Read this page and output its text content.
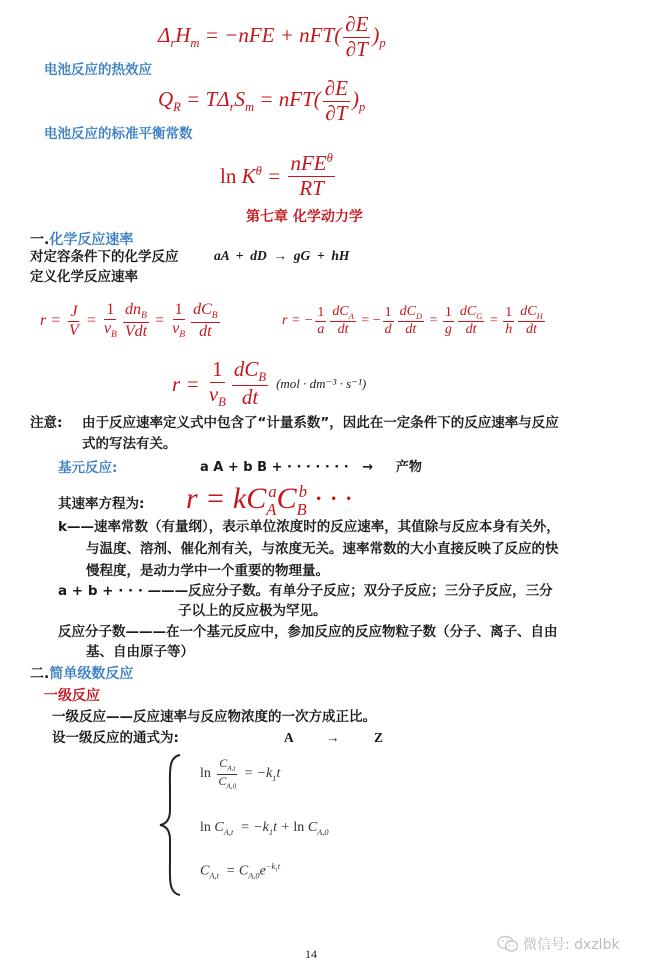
$\Delta_rH_m = -nFE + nFT( \frac{\partial E}{\partial T} )_p$
电池反应的热效应
$Q_R = T\Delta_rS_m = nFT( \frac{\partial E}{\partial T} )_p$
电池反应的标准平衡常数
$\ln K^\theta = \frac{nFE^\theta}{RT}$
第七章 化学动力学
一. 化学反应速率
对定容条件下的化学反应	aA  +  dD  →  gG  +  hH
定义化学反应速率
$r = \frac{J}{V} = \frac{1}{\nu_B} \frac{dn_B}{\text{Vdt}} = \frac{1}{\nu_B} \frac{dC_B}{dt}$	r = − $\frac{1}{a} \frac{dC_A}{dt}$ = − $\frac{1}{d} \frac{dC_D}{dt} = \frac{1}{g} \frac{dC_G}{dt} = \frac{1}{h} \frac{dC_H}{dt}$
$r = \frac{1}{\nu_B} \frac{dC_B}{dt} (mol \cdot dm^{-3} \cdot s^{-1})$
注意: 由于反应速率定义式中包含了“计量系数”，因此在一定条件下的反应速率与反应
式的写法有关。
基元反应:	a A + b B + · · · · · · ·   →     产物
其速率方程为: $r = kC_A^aC_B^b$ · · ·
k——速率常数（有量纲），表示单位浓度时的反应速率，其值除与反应本身有关外，
与温度、溶剂、催化剂有关，与浓度无关。速率常数的大小直接反映了反应的快
慢程度，是动力学中一个重要的物理量。
a + b + · · · ———反应分子数。有单分子反应；双分子反应；三分子反应，三分
子以上的反应极为罕见。
反应分子数———在一个基元反应中，参加反应的反应物粒子数（分子、离子、自由
基、自由原子等）
二. 简单级数反应
一级反应
一级反应——反应速率与反应物浓度的一次方成正比。
设一级反应的通式为:	A →	Z
$\ln \frac{C_{A,t}}{C_{A,0}} = -k_1t$
$\ln C_{A,t} = -k_1t + \ln C_{A,0}$
$C_{A,t} = C_{A,0}e^{-k_1t}$
14
微信号: dxzlbk
